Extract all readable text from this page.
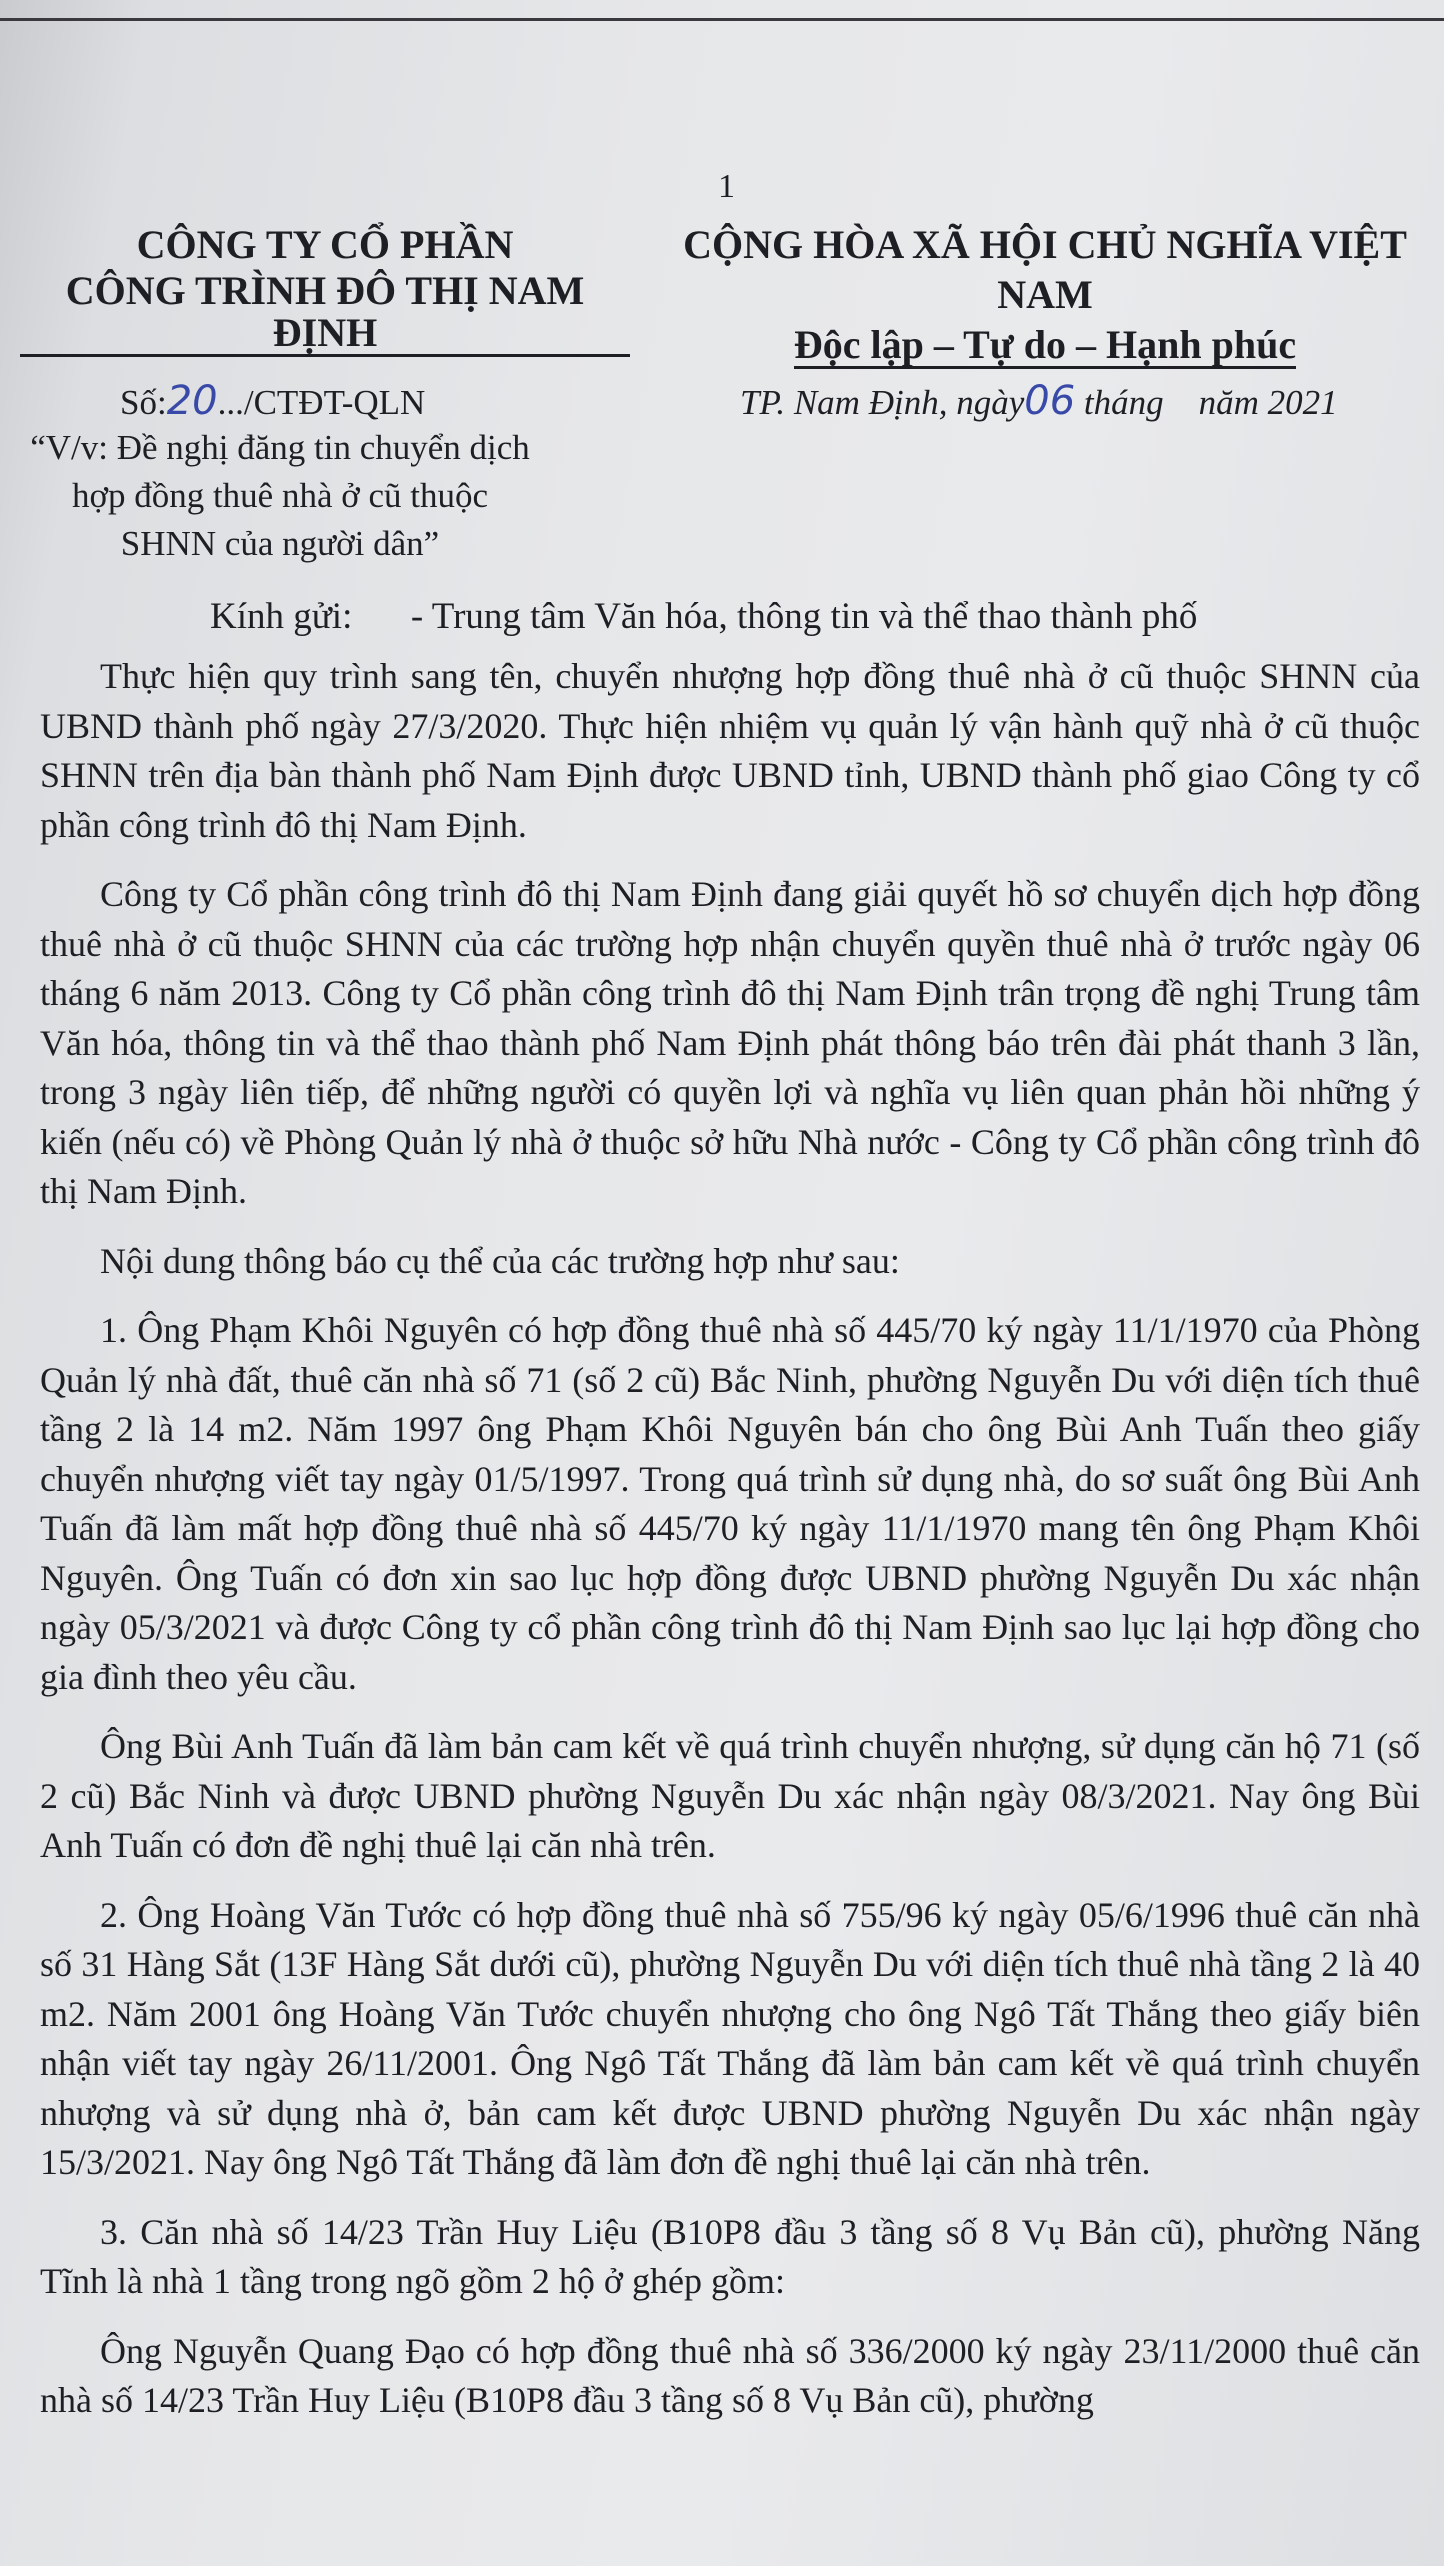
1
CÔNG TY CỔ PHẦN
CÔNG TRÌNH ĐÔ THỊ NAM ĐỊNH
CỘNG HÒA XÃ HỘI CHỦ NGHĨA VIỆT NAM
Độc lập – Tự do – Hạnh phúc
Số:20.../CTĐT-QLN	TP. Nam Định, ngày06 tháng    năm 2021
“V/v: Đề nghị đăng tin chuyển dịch
hợp đồng thuê nhà ở cũ thuộc
SHNN của người dân”
Kính gửi: - Trung tâm Văn hóa, thông tin và thể thao thành phố

Thực hiện quy trình sang tên, chuyển nhượng hợp đồng thuê nhà ở cũ thuộc SHNN của UBND thành phố ngày 27/3/2020. Thực hiện nhiệm vụ quản lý vận hành quỹ nhà ở cũ thuộc SHNN trên địa bàn thành phố Nam Định được UBND tỉnh, UBND thành phố giao Công ty cổ phần công trình đô thị Nam Định.

Công ty Cổ phần công trình đô thị Nam Định đang giải quyết hồ sơ chuyển dịch hợp đồng thuê nhà ở cũ thuộc SHNN của các trường hợp nhận chuyển quyền thuê nhà ở trước ngày 06 tháng 6 năm 2013. Công ty Cổ phần công trình đô thị Nam Định trân trọng đề nghị Trung tâm Văn hóa, thông tin và thể thao thành phố Nam Định phát thông báo trên đài phát thanh 3 lần, trong 3 ngày liên tiếp, để những người có quyền lợi và nghĩa vụ liên quan phản hồi những ý kiến (nếu có) về Phòng Quản lý nhà ở thuộc sở hữu Nhà nước - Công ty Cổ phần công trình đô thị Nam Định.

Nội dung thông báo cụ thể của các trường hợp như sau:

1. Ông Phạm Khôi Nguyên có hợp đồng thuê nhà số 445/70 ký ngày 11/1/1970 của Phòng Quản lý nhà đất, thuê căn nhà số 71 (số 2 cũ) Bắc Ninh, phường Nguyễn Du với diện tích thuê tầng 2 là 14 m2. Năm 1997 ông Phạm Khôi Nguyên bán cho ông Bùi Anh Tuấn theo giấy chuyển nhượng viết tay ngày 01/5/1997. Trong quá trình sử dụng nhà, do sơ suất ông Bùi Anh Tuấn đã làm mất hợp đồng thuê nhà số 445/70 ký ngày 11/1/1970 mang tên ông Phạm Khôi Nguyên. Ông Tuấn có đơn xin sao lục hợp đồng được UBND phường Nguyễn Du xác nhận ngày 05/3/2021 và được Công ty cổ phần công trình đô thị Nam Định sao lục lại hợp đồng cho gia đình theo yêu cầu.

Ông Bùi Anh Tuấn đã làm bản cam kết về quá trình chuyển nhượng, sử dụng căn hộ 71 (số 2 cũ) Bắc Ninh và được UBND phường Nguyễn Du xác nhận ngày 08/3/2021. Nay ông Bùi Anh Tuấn có đơn đề nghị thuê lại căn nhà trên.

2. Ông Hoàng Văn Tước có hợp đồng thuê nhà số 755/96 ký ngày 05/6/1996 thuê căn nhà số 31 Hàng Sắt (13F Hàng Sắt dưới cũ), phường Nguyễn Du với diện tích thuê nhà tầng 2 là 40 m2. Năm 2001 ông Hoàng Văn Tước chuyển nhượng cho ông Ngô Tất Thắng theo giấy biên nhận viết tay ngày 26/11/2001. Ông Ngô Tất Thắng đã làm bản cam kết về quá trình chuyển nhượng và sử dụng nhà ở, bản cam kết được UBND phường Nguyễn Du xác nhận ngày 15/3/2021. Nay ông Ngô Tất Thắng đã làm đơn đề nghị thuê lại căn nhà trên.

3. Căn nhà số 14/23 Trần Huy Liệu (B10P8 đầu 3 tầng số 8 Vụ Bản cũ), phường Năng Tĩnh là nhà 1 tầng trong ngõ gồm 2 hộ ở ghép gồm:

Ông Nguyễn Quang Đạo có hợp đồng thuê nhà số 336/2000 ký ngày 23/11/2000 thuê căn nhà số 14/23 Trần Huy Liệu (B10P8 đầu 3 tầng số 8 Vụ Bản cũ), phường
